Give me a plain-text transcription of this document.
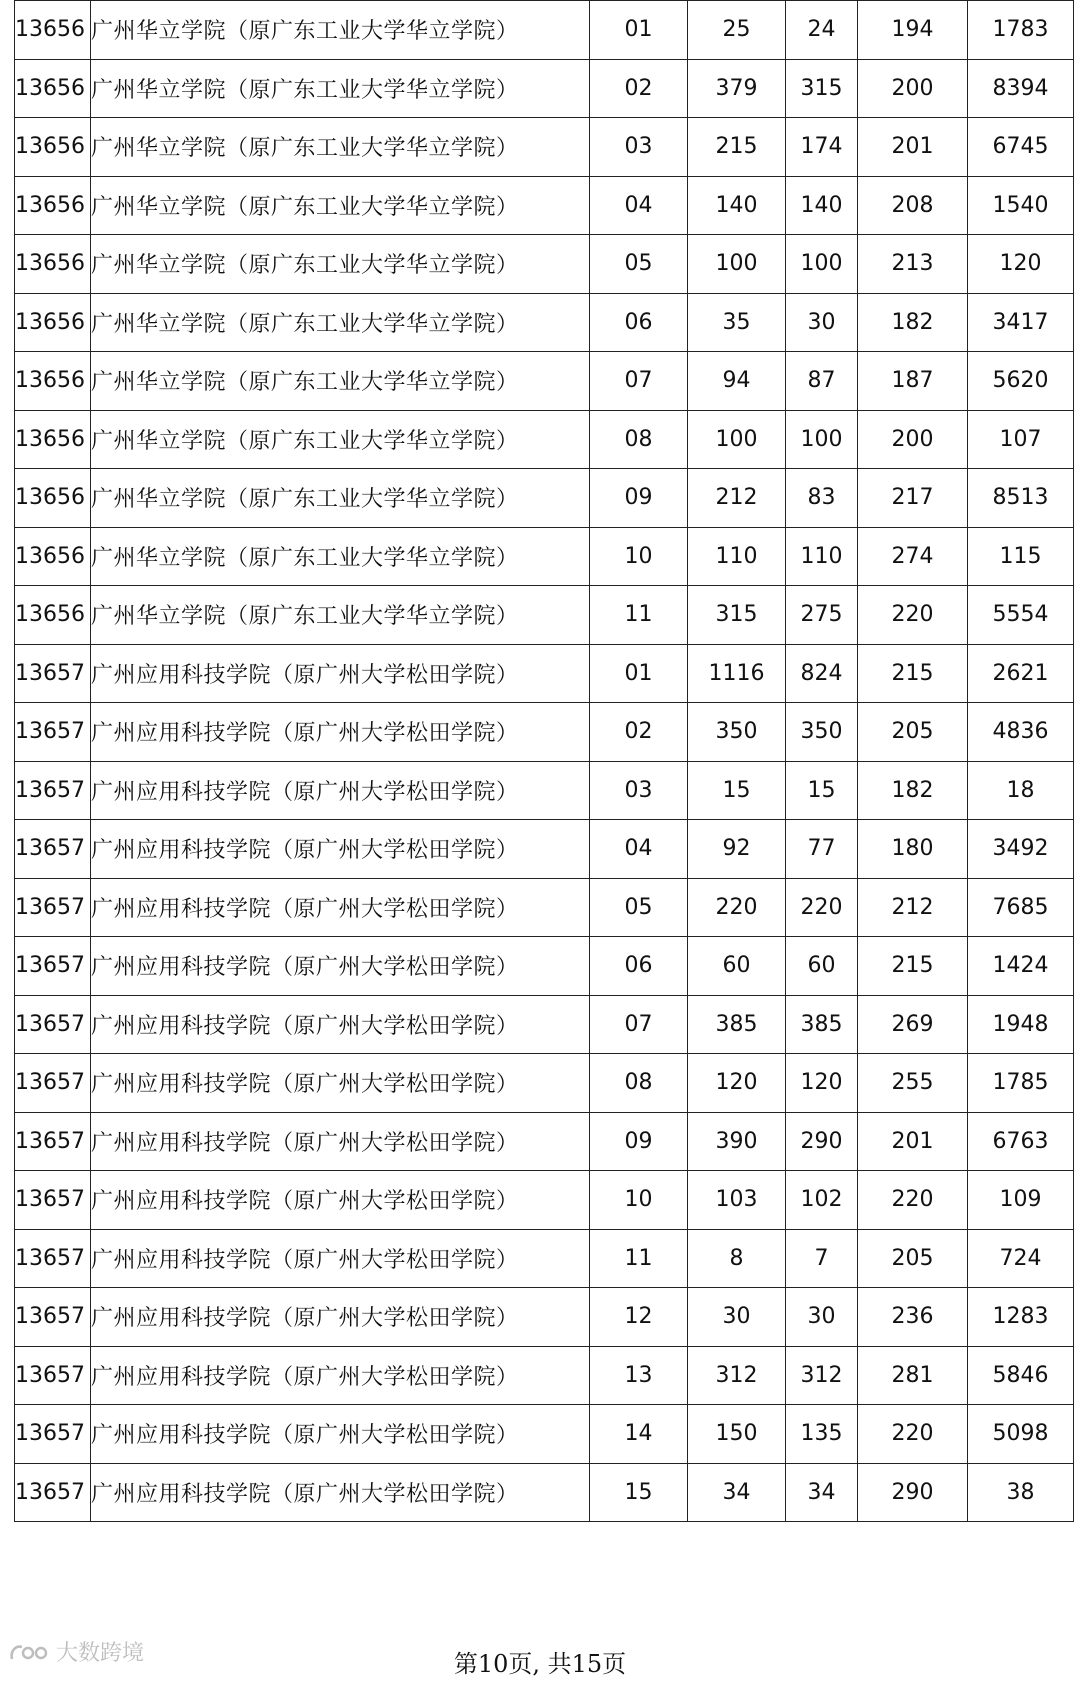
13656	广州华立学院（原广东工业大学华立学院）	01	25	24	194	1783
13656	广州华立学院（原广东工业大学华立学院）	02	379	315	200	8394
13656	广州华立学院（原广东工业大学华立学院）	03	215	174	201	6745
13656	广州华立学院（原广东工业大学华立学院）	04	140	140	208	1540
13656	广州华立学院（原广东工业大学华立学院）	05	100	100	213	120
13656	广州华立学院（原广东工业大学华立学院）	06	35	30	182	3417
13656	广州华立学院（原广东工业大学华立学院）	07	94	87	187	5620
13656	广州华立学院（原广东工业大学华立学院）	08	100	100	200	107
13656	广州华立学院（原广东工业大学华立学院）	09	212	83	217	8513
13656	广州华立学院（原广东工业大学华立学院）	10	110	110	274	115
13656	广州华立学院（原广东工业大学华立学院）	11	315	275	220	5554
13657	广州应用科技学院（原广州大学松田学院）	01	1116	824	215	2621
13657	广州应用科技学院（原广州大学松田学院）	02	350	350	205	4836
13657	广州应用科技学院（原广州大学松田学院）	03	15	15	182	18
13657	广州应用科技学院（原广州大学松田学院）	04	92	77	180	3492
13657	广州应用科技学院（原广州大学松田学院）	05	220	220	212	7685
13657	广州应用科技学院（原广州大学松田学院）	06	60	60	215	1424
13657	广州应用科技学院（原广州大学松田学院）	07	385	385	269	1948
13657	广州应用科技学院（原广州大学松田学院）	08	120	120	255	1785
13657	广州应用科技学院（原广州大学松田学院）	09	390	290	201	6763
13657	广州应用科技学院（原广州大学松田学院）	10	103	102	220	109
13657	广州应用科技学院（原广州大学松田学院）	11	8	7	205	724
13657	广州应用科技学院（原广州大学松田学院）	12	30	30	236	1283
13657	广州应用科技学院（原广州大学松田学院）	13	312	312	281	5846
13657	广州应用科技学院（原广州大学松田学院）	14	150	135	220	5098
13657	广州应用科技学院（原广州大学松田学院）	15	34	34	290	38
大数跨境	第10页, 共15页
